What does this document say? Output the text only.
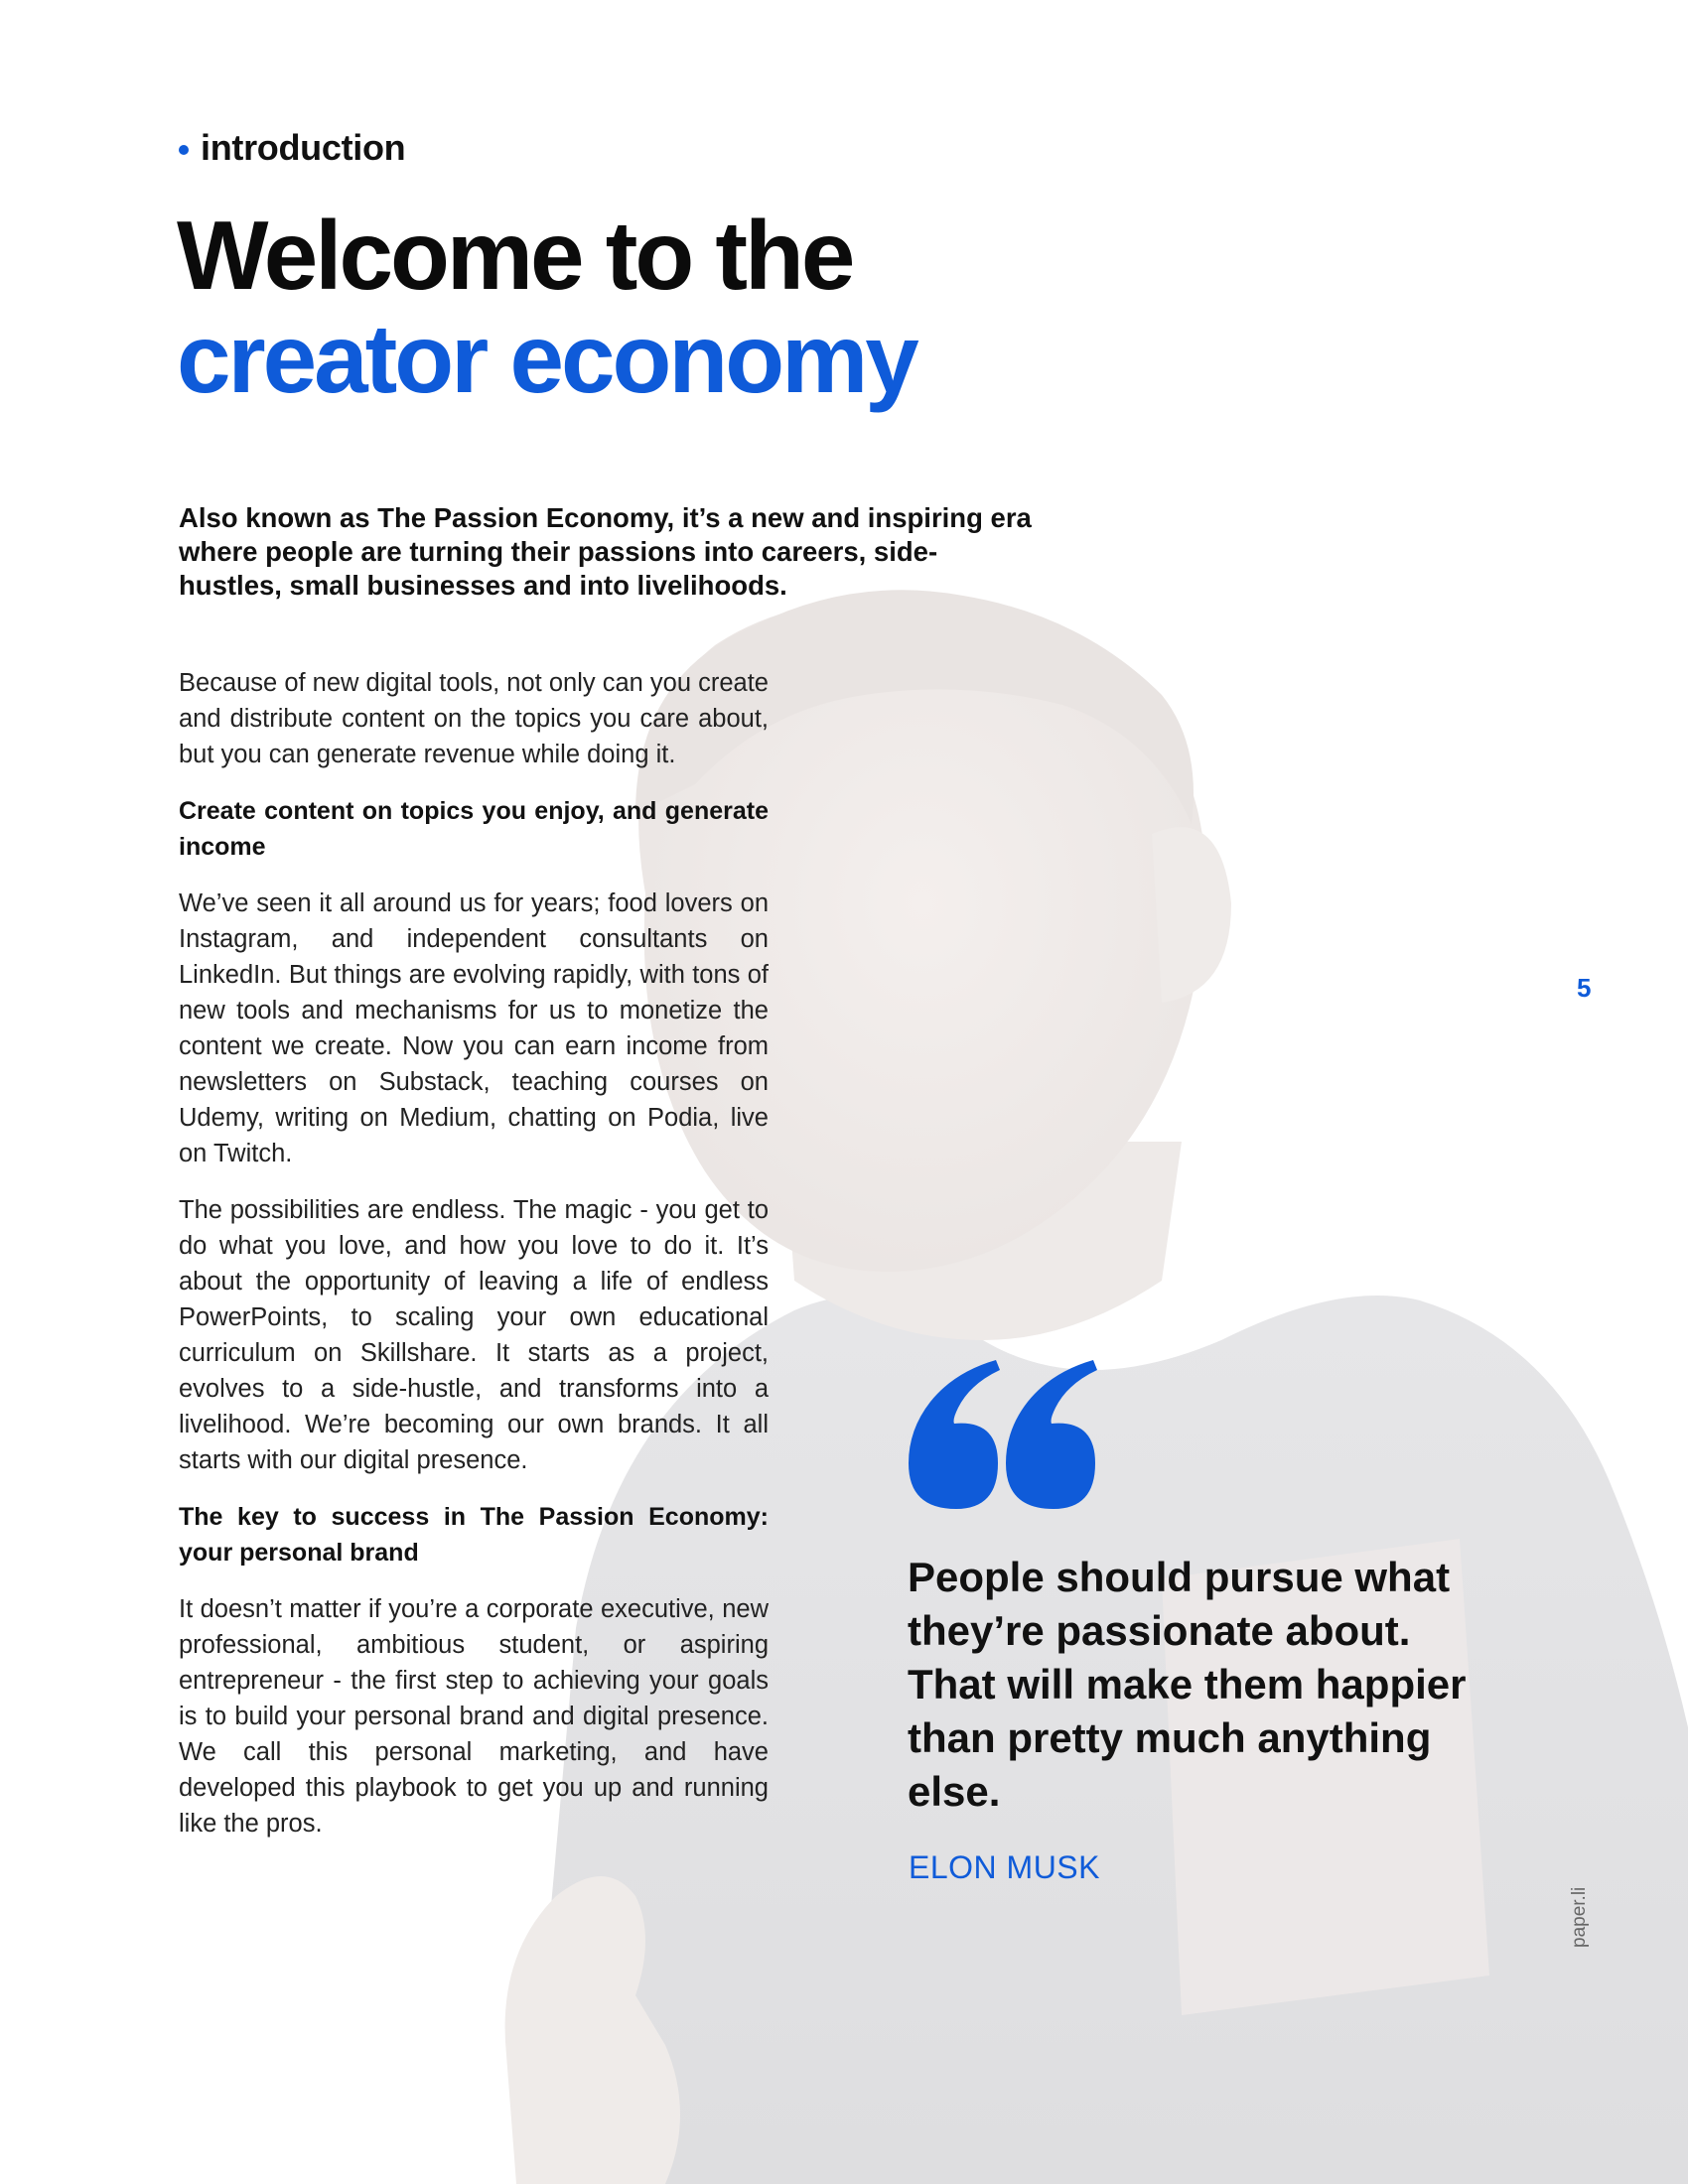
introduction
Welcome to the
creator economy

Also known as The Passion Economy, it’s a new and inspiring era where people are turning their passions into careers, side-hustles, small businesses and into livelihoods.

Because of new digital tools, not only can you create and distribute content on the topics you care about, but you can generate revenue while doing it.

Create content on topics you enjoy, and generate income

We’ve seen it all around us for years; food lovers on Instagram, and independent consultants on LinkedIn. But things are evolving rapidly, with tons of new tools and mechanisms for us to monetize the content we create. Now you can earn income from newsletters on Substack, teaching courses on Udemy, writing on Medium, chatting on Podia, live on Twitch.

The possibilities are endless. The magic - you get to do what you love, and how you love to do it. It’s about the opportunity of leaving a life of endless PowerPoints, to scaling your own educational curriculum on Skillshare. It starts as a project, evolves to a side-hustle, and transforms into a livelihood. We’re becoming our own brands. It all starts with our digital presence.

The key to success in The Passion Economy: your personal brand

It doesn’t matter if you’re a corporate executive, new professional, ambitious student, or aspiring entrepreneur - the first step to achieving your goals is to build your personal brand and digital presence. We call this personal marketing, and have developed this playbook to get you up and running like the pros.

5

People should pursue what they’re passionate about. That will make them happier than pretty much anything else.

ELON MUSK
paper.li
